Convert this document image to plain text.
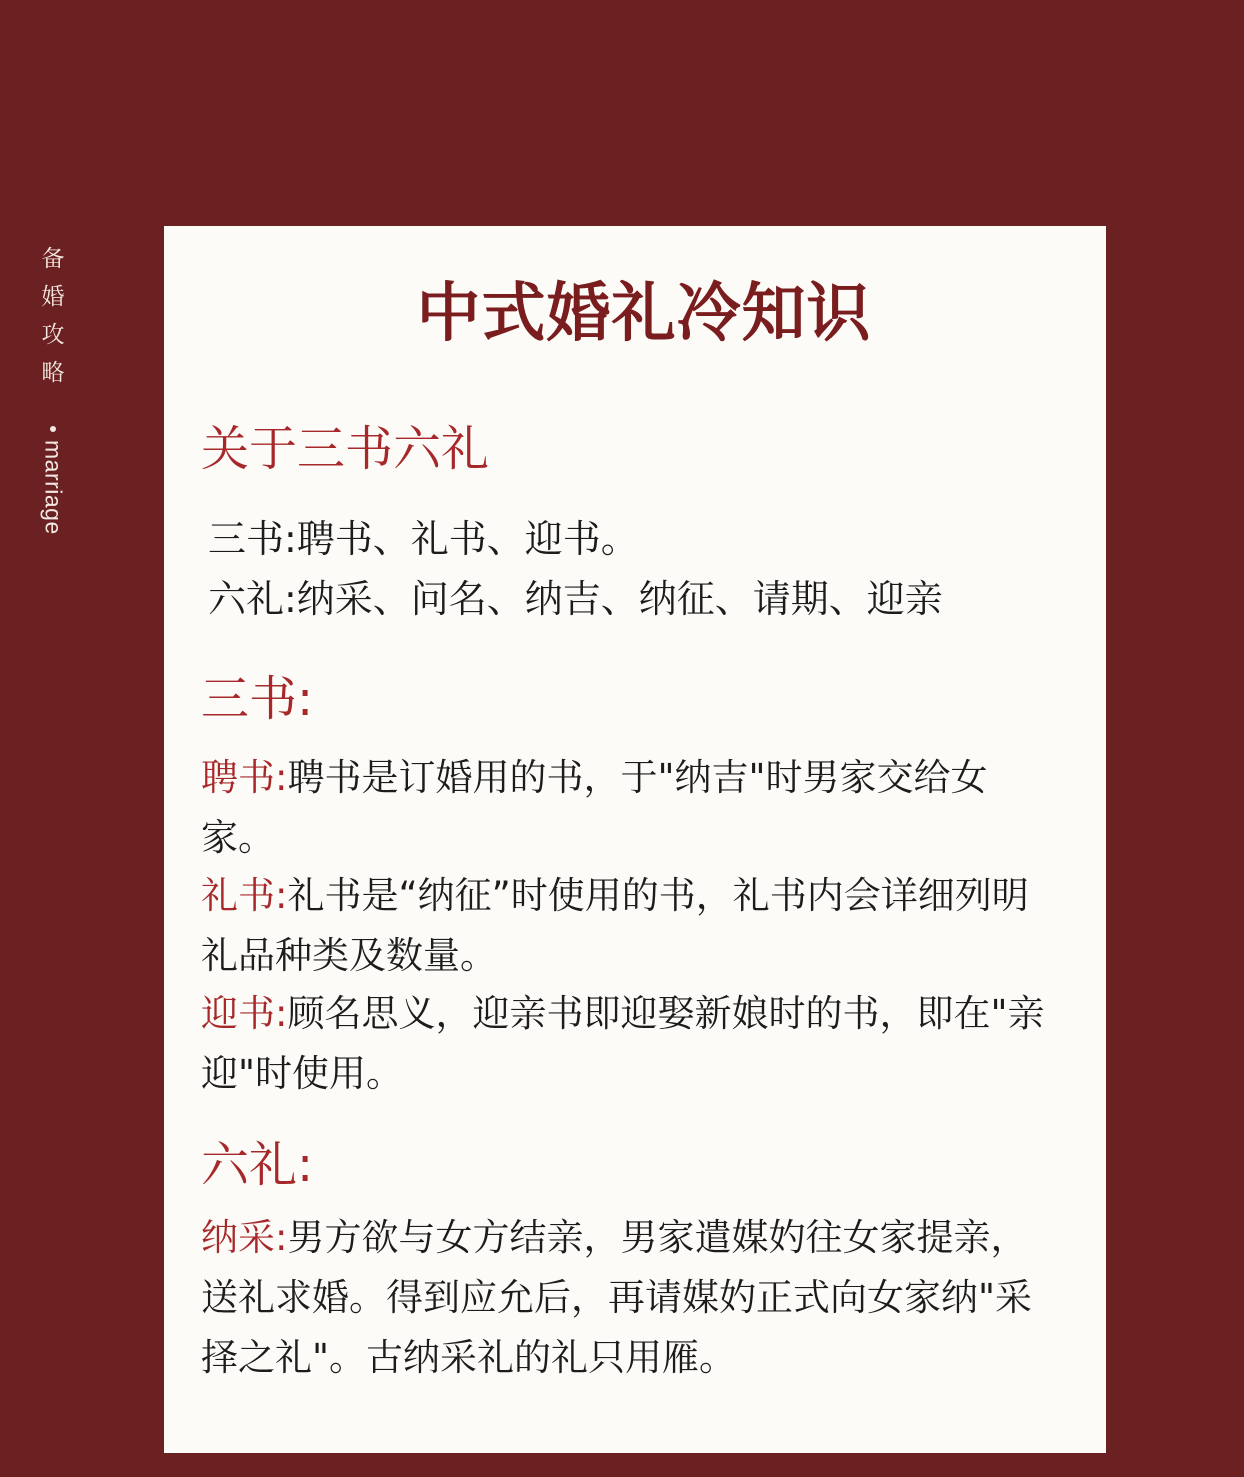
备
婚
攻
略
marriage
中式婚礼冷知识
关于三书六礼

三书:聘书、礼书、迎书。

六礼:纳采、问名、纳吉、纳征、请期、迎亲

三书:

聘书:聘书是订婚用的书，于"纳吉"时男家交给女家。

礼书:礼书是“纳征”时使用的书，礼书内会详细列明礼品种类及数量。

迎书:顾名思义，迎亲书即迎娶新娘时的书，即在"亲迎"时使用。

六礼:

纳采:男方欲与女方结亲，男家遣媒妁往女家提亲，送礼求婚。得到应允后，再请媒妁正式向女家纳"采择之礼"。古纳采礼的礼只用雁。
